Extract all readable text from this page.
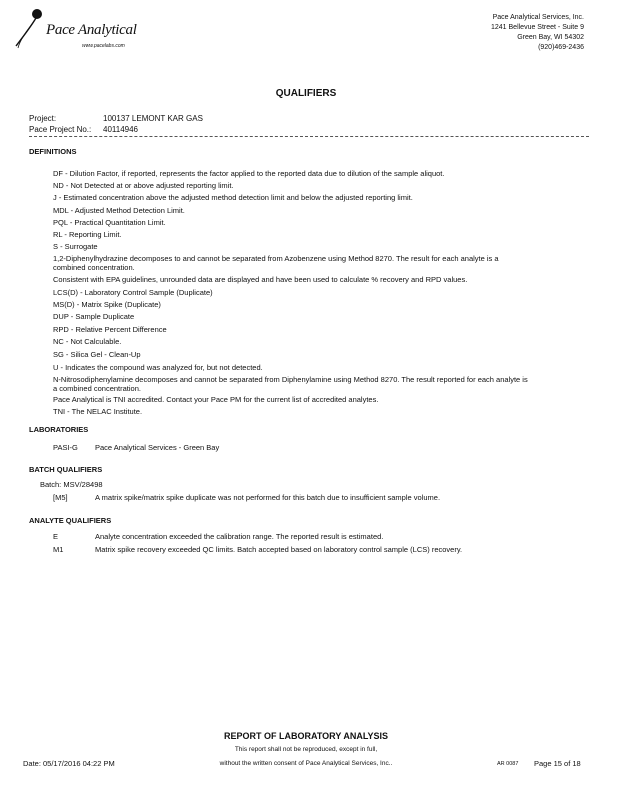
Pace Analytical
www.pacelabs.com
Pace Analytical Services, Inc.
1241 Bellevue Street - Suite 9
Green Bay, WI 54302
(920)469-2436
QUALIFIERS
Project:	100137 LEMONT KAR GAS
Pace Project No.: 40114946
DEFINITIONS
DF - Dilution Factor, if reported, represents the factor applied to the reported data due to dilution of the sample aliquot.
ND - Not Detected at or above adjusted reporting limit.
J - Estimated concentration above the adjusted method detection limit and below the adjusted reporting limit.
MDL - Adjusted Method Detection Limit.
PQL - Practical Quantitation Limit.
RL - Reporting Limit.
S - Surrogate
1,2-Diphenylhydrazine decomposes to and cannot be separated from Azobenzene using Method 8270. The result for each analyte is a combined concentration.
Consistent with EPA guidelines, unrounded data are displayed and have been used to calculate % recovery and RPD values.
LCS(D) - Laboratory Control Sample (Duplicate)
MS(D) - Matrix Spike (Duplicate)
DUP - Sample Duplicate
RPD - Relative Percent Difference
NC - Not Calculable.
SG - Silica Gel - Clean-Up
U - Indicates the compound was analyzed for, but not detected.
N-Nitrosodiphenylamine decomposes and cannot be separated from Diphenylamine using Method 8270. The result reported for each analyte is a combined concentration.
Pace Analytical is TNI accredited. Contact your Pace PM for the current list of accredited analytes.
TNI - The NELAC Institute.
LABORATORIES
PASI-G Pace Analytical Services - Green Bay
BATCH QUALIFIERS
Batch: MSV/28498
[M5]	A matrix spike/matrix spike duplicate was not performed for this batch due to insufficient sample volume.
ANALYTE QUALIFIERS
E	Analyte concentration exceeded the calibration range. The reported result is estimated.
M1	Matrix spike recovery exceeded QC limits. Batch accepted based on laboratory control sample (LCS) recovery.
REPORT OF LABORATORY ANALYSIS
This report shall not be reproduced, except in full,
without the written consent of Pace Analytical Services, Inc..
Date: 05/17/2016 04:22 PM	AR 0087 Page 15 of 18
